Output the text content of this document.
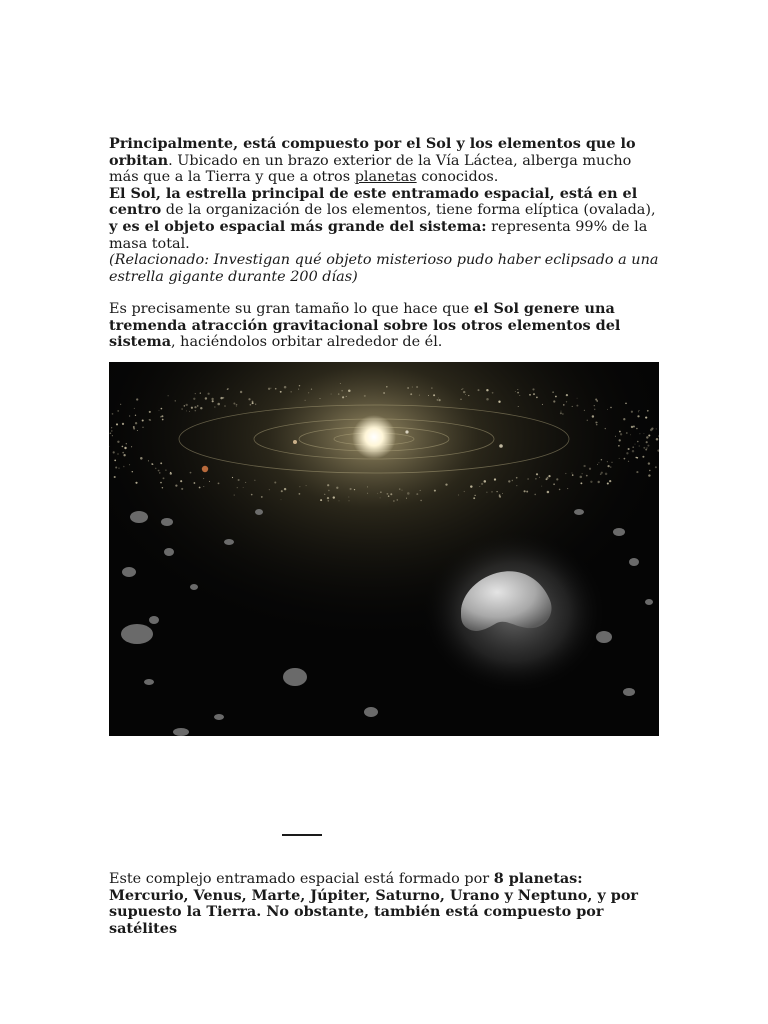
Principalmente, está compuesto por el Sol y los elementos que lo orbitan. Ubicado en un brazo exterior de la Vía Láctea, alberga mucho más que a la Tierra y que a otros planetas conocidos.

El Sol, la estrella principal de este entramado espacial, está en el centro de la organización de los elementos, tiene forma elíptica (ovalada), y es el objeto espacial más grande del sistema: representa 99% de la masa total.

(Relacionado: Investigan qué objeto misterioso pudo haber eclipsado a una estrella gigante durante 200 días)

Es precisamente su gran tamaño lo que hace que el Sol genere una tremenda atracción gravitacional sobre los otros elementos del sistema, haciéndolos orbitar alrededor de él.

Este complejo entramado espacial está formado por 8 planetas: Mercurio, Venus, Marte, Júpiter, Saturno, Urano y Neptuno, y por supuesto la Tierra. No obstante, también está compuesto por satélites
